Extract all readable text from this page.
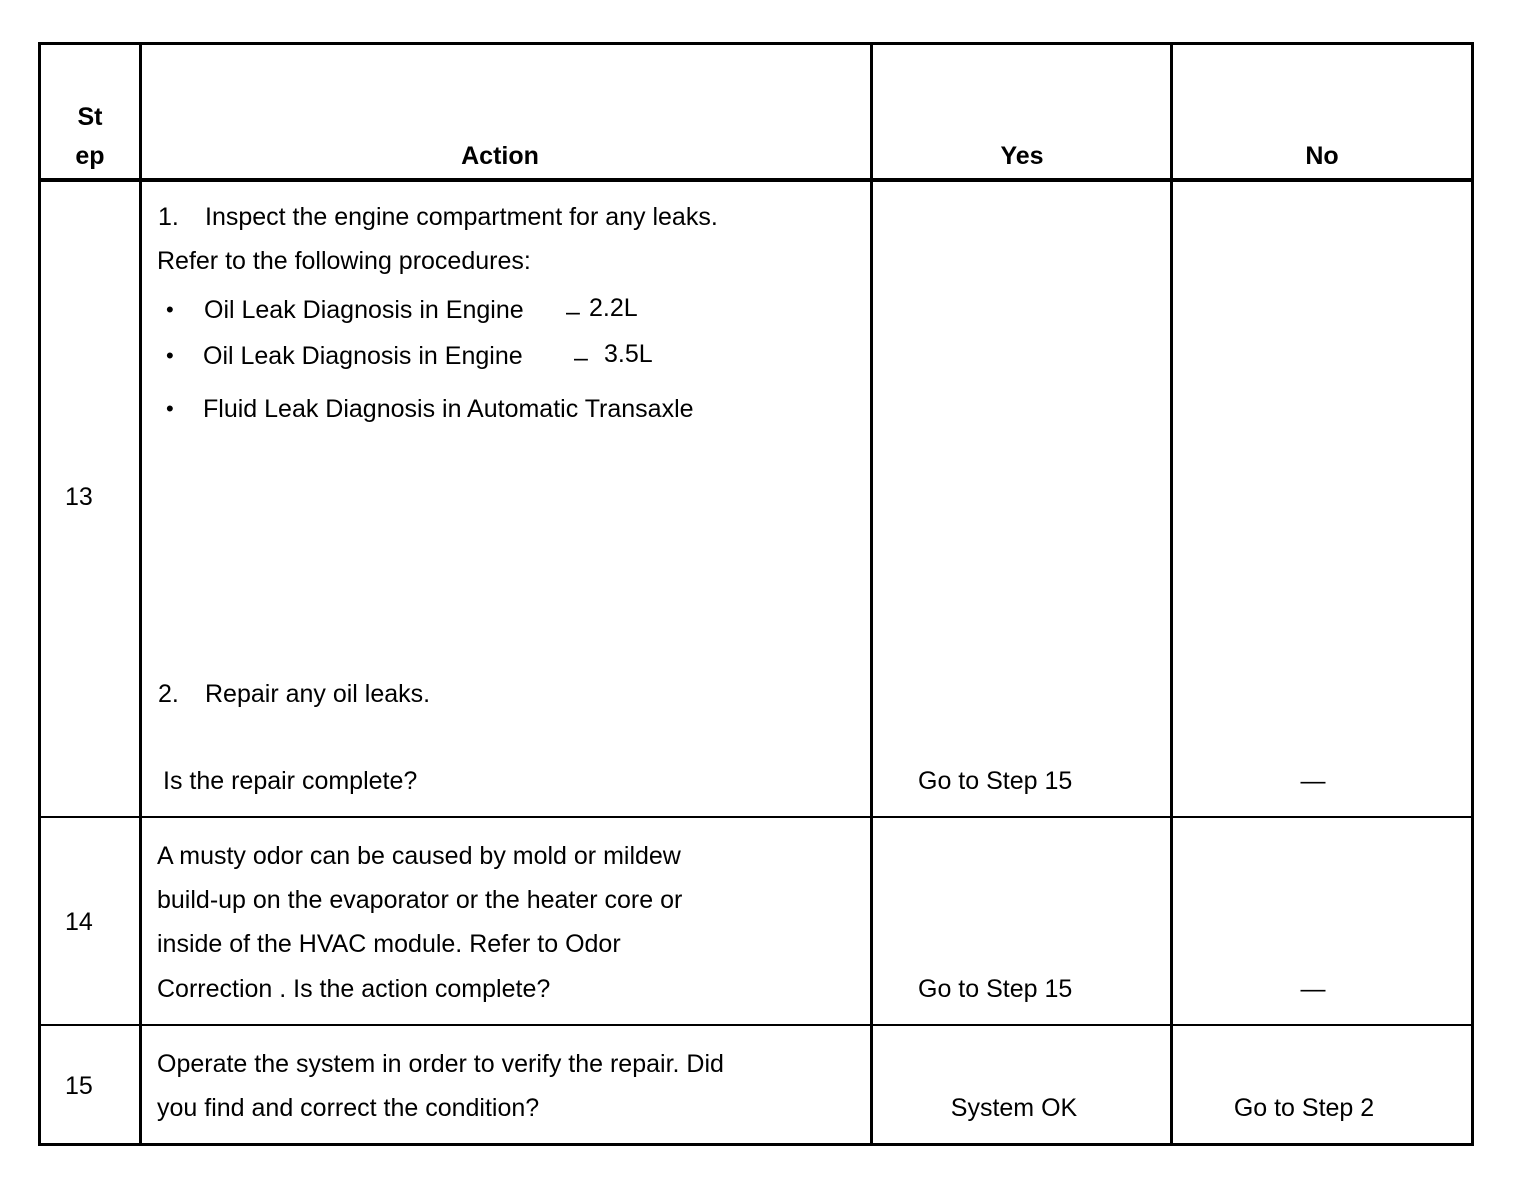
St
ep	Action	Yes	No
13
1. Inspect the engine compartment for any leaks.
Refer to the following procedures:
• Oil Leak Diagnosis in Engine – 2.2L
• Oil Leak Diagnosis in Engine – 3.5L
• Fluid Leak Diagnosis in Automatic Transaxle
2. Repair any oil leaks.
Is the repair complete?	Go to Step 15	—
14
A musty odor can be caused by mold or mildew
build-up on the evaporator or the heater core or
inside of the HVAC module. Refer to Odor
Correction . Is the action complete?	Go to Step 15	—
15
Operate the system in order to verify the repair. Did
you find and correct the condition?	System OK	Go to Step 2
